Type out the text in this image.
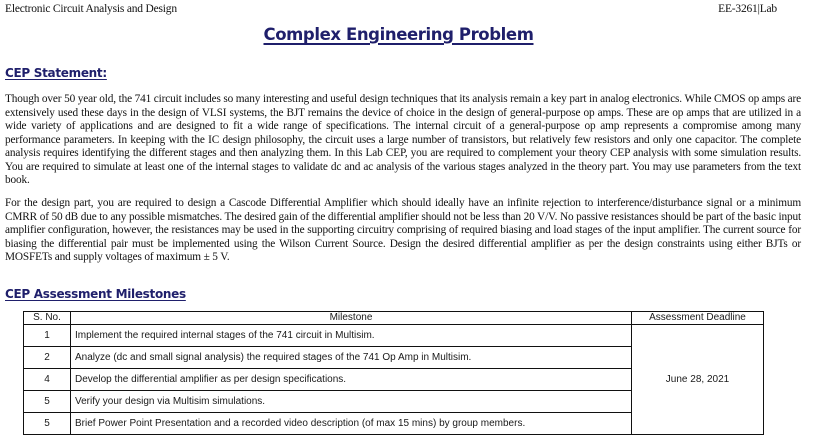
Electronic Circuit Analysis and Design	EE-3261|Lab
Complex Engineering Problem
CEP Statement:

Though over 50 year old, the 741 circuit includes so many interesting and useful design techniques that its analysis remain a key part in analog electronics. While CMOS op amps are extensively used these days in the design of VLSI systems, the BJT remains the device of choice in the design of general-purpose op amps. These are op amps that are utilized in a wide variety of applications and are designed to fit a wide range of specifications. The internal circuit of a general-purpose op amp represents a compromise among many performance parameters. In keeping with the IC design philosophy, the circuit uses a large number of transistors, but relatively few resistors and only one capacitor. The complete analysis requires identifying the different stages and then analyzing them. In this Lab CEP, you are required to complement your theory CEP analysis with some simulation results. You are required to simulate at least one of the internal stages to validate dc and ac analysis of the various stages analyzed in the theory part. You may use parameters from the text book.

For the design part, you are required to design a Cascode Differential Amplifier which should ideally have an infinite rejection to interference/disturbance signal or a minimum CMRR of 50 dB due to any possible mismatches. The desired gain of the differential amplifier should not be less than 20 V/V. No passive resistances should be part of the basic input amplifier configuration, however, the resistances may be used in the supporting circuitry comprising of required biasing and load stages of the input amplifier. The current source for biasing the differential pair must be implemented using the Wilson Current Source. Design the desired differential amplifier as per the design constraints using either BJTs or MOSFETs and supply voltages of maximum ± 5 V.

CEP Assessment Milestones
S. No.	Milestone	Assessment Deadline
1	Implement the required internal stages of the 741 circuit in Multisim.	June 28, 2021
2	Analyze (dc and small signal analysis) the required stages of the 741 Op Amp in Multisim.	
4	Develop the differential amplifier as per design specifications.	
5	Verify your design via Multisim simulations.	
5	Brief Power Point Presentation and a recorded video description (of max 15 mins) by group members.	
